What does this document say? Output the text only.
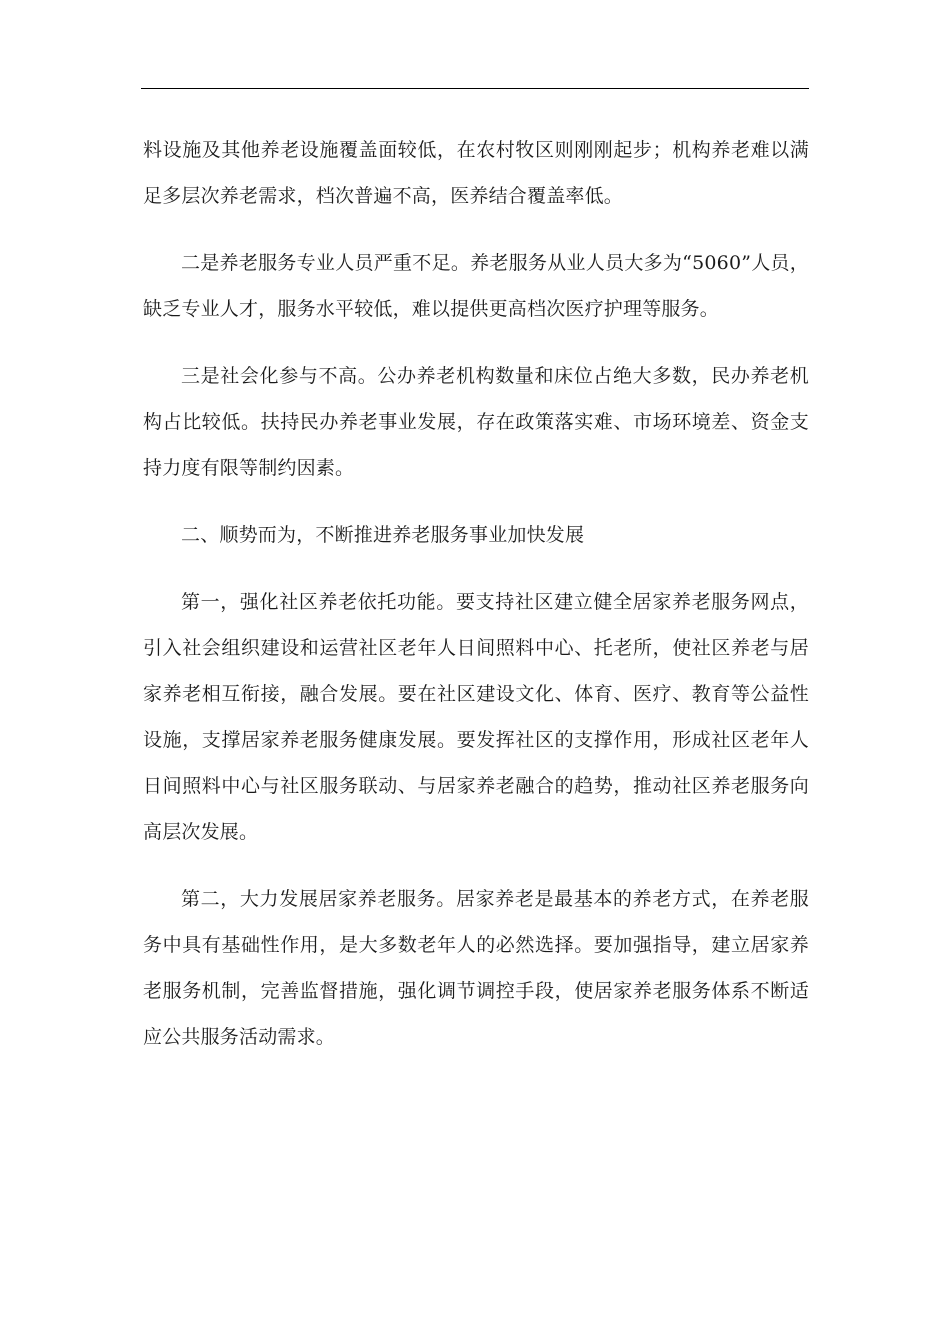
料设施及其他养老设施覆盖面较低，在农村牧区则刚刚起步；机构养老难以满足多层次养老需求，档次普遍不高，医养结合覆盖率低。

二是养老服务专业人员严重不足。养老服务从业人员大多为“5060”人员，缺乏专业人才，服务水平较低，难以提供更高档次医疗护理等服务。

三是社会化参与不高。公办养老机构数量和床位占绝大多数，民办养老机构占比较低。扶持民办养老事业发展，存在政策落实难、市场环境差、资金支持力度有限等制约因素。

二、顺势而为，不断推进养老服务事业加快发展

第一，强化社区养老依托功能。要支持社区建立健全居家养老服务网点，引入社会组织建设和运营社区老年人日间照料中心、托老所，使社区养老与居家养老相互衔接，融合发展。要在社区建设文化、体育、医疗、教育等公益性设施，支撑居家养老服务健康发展。要发挥社区的支撑作用，形成社区老年人日间照料中心与社区服务联动、与居家养老融合的趋势，推动社区养老服务向高层次发展。

第二，大力发展居家养老服务。居家养老是最基本的养老方式，在养老服务中具有基础性作用，是大多数老年人的必然选择。要加强指导，建立居家养老服务机制，完善监督措施，强化调节调控手段，使居家养老服务体系不断适应公共服务活动需求。
